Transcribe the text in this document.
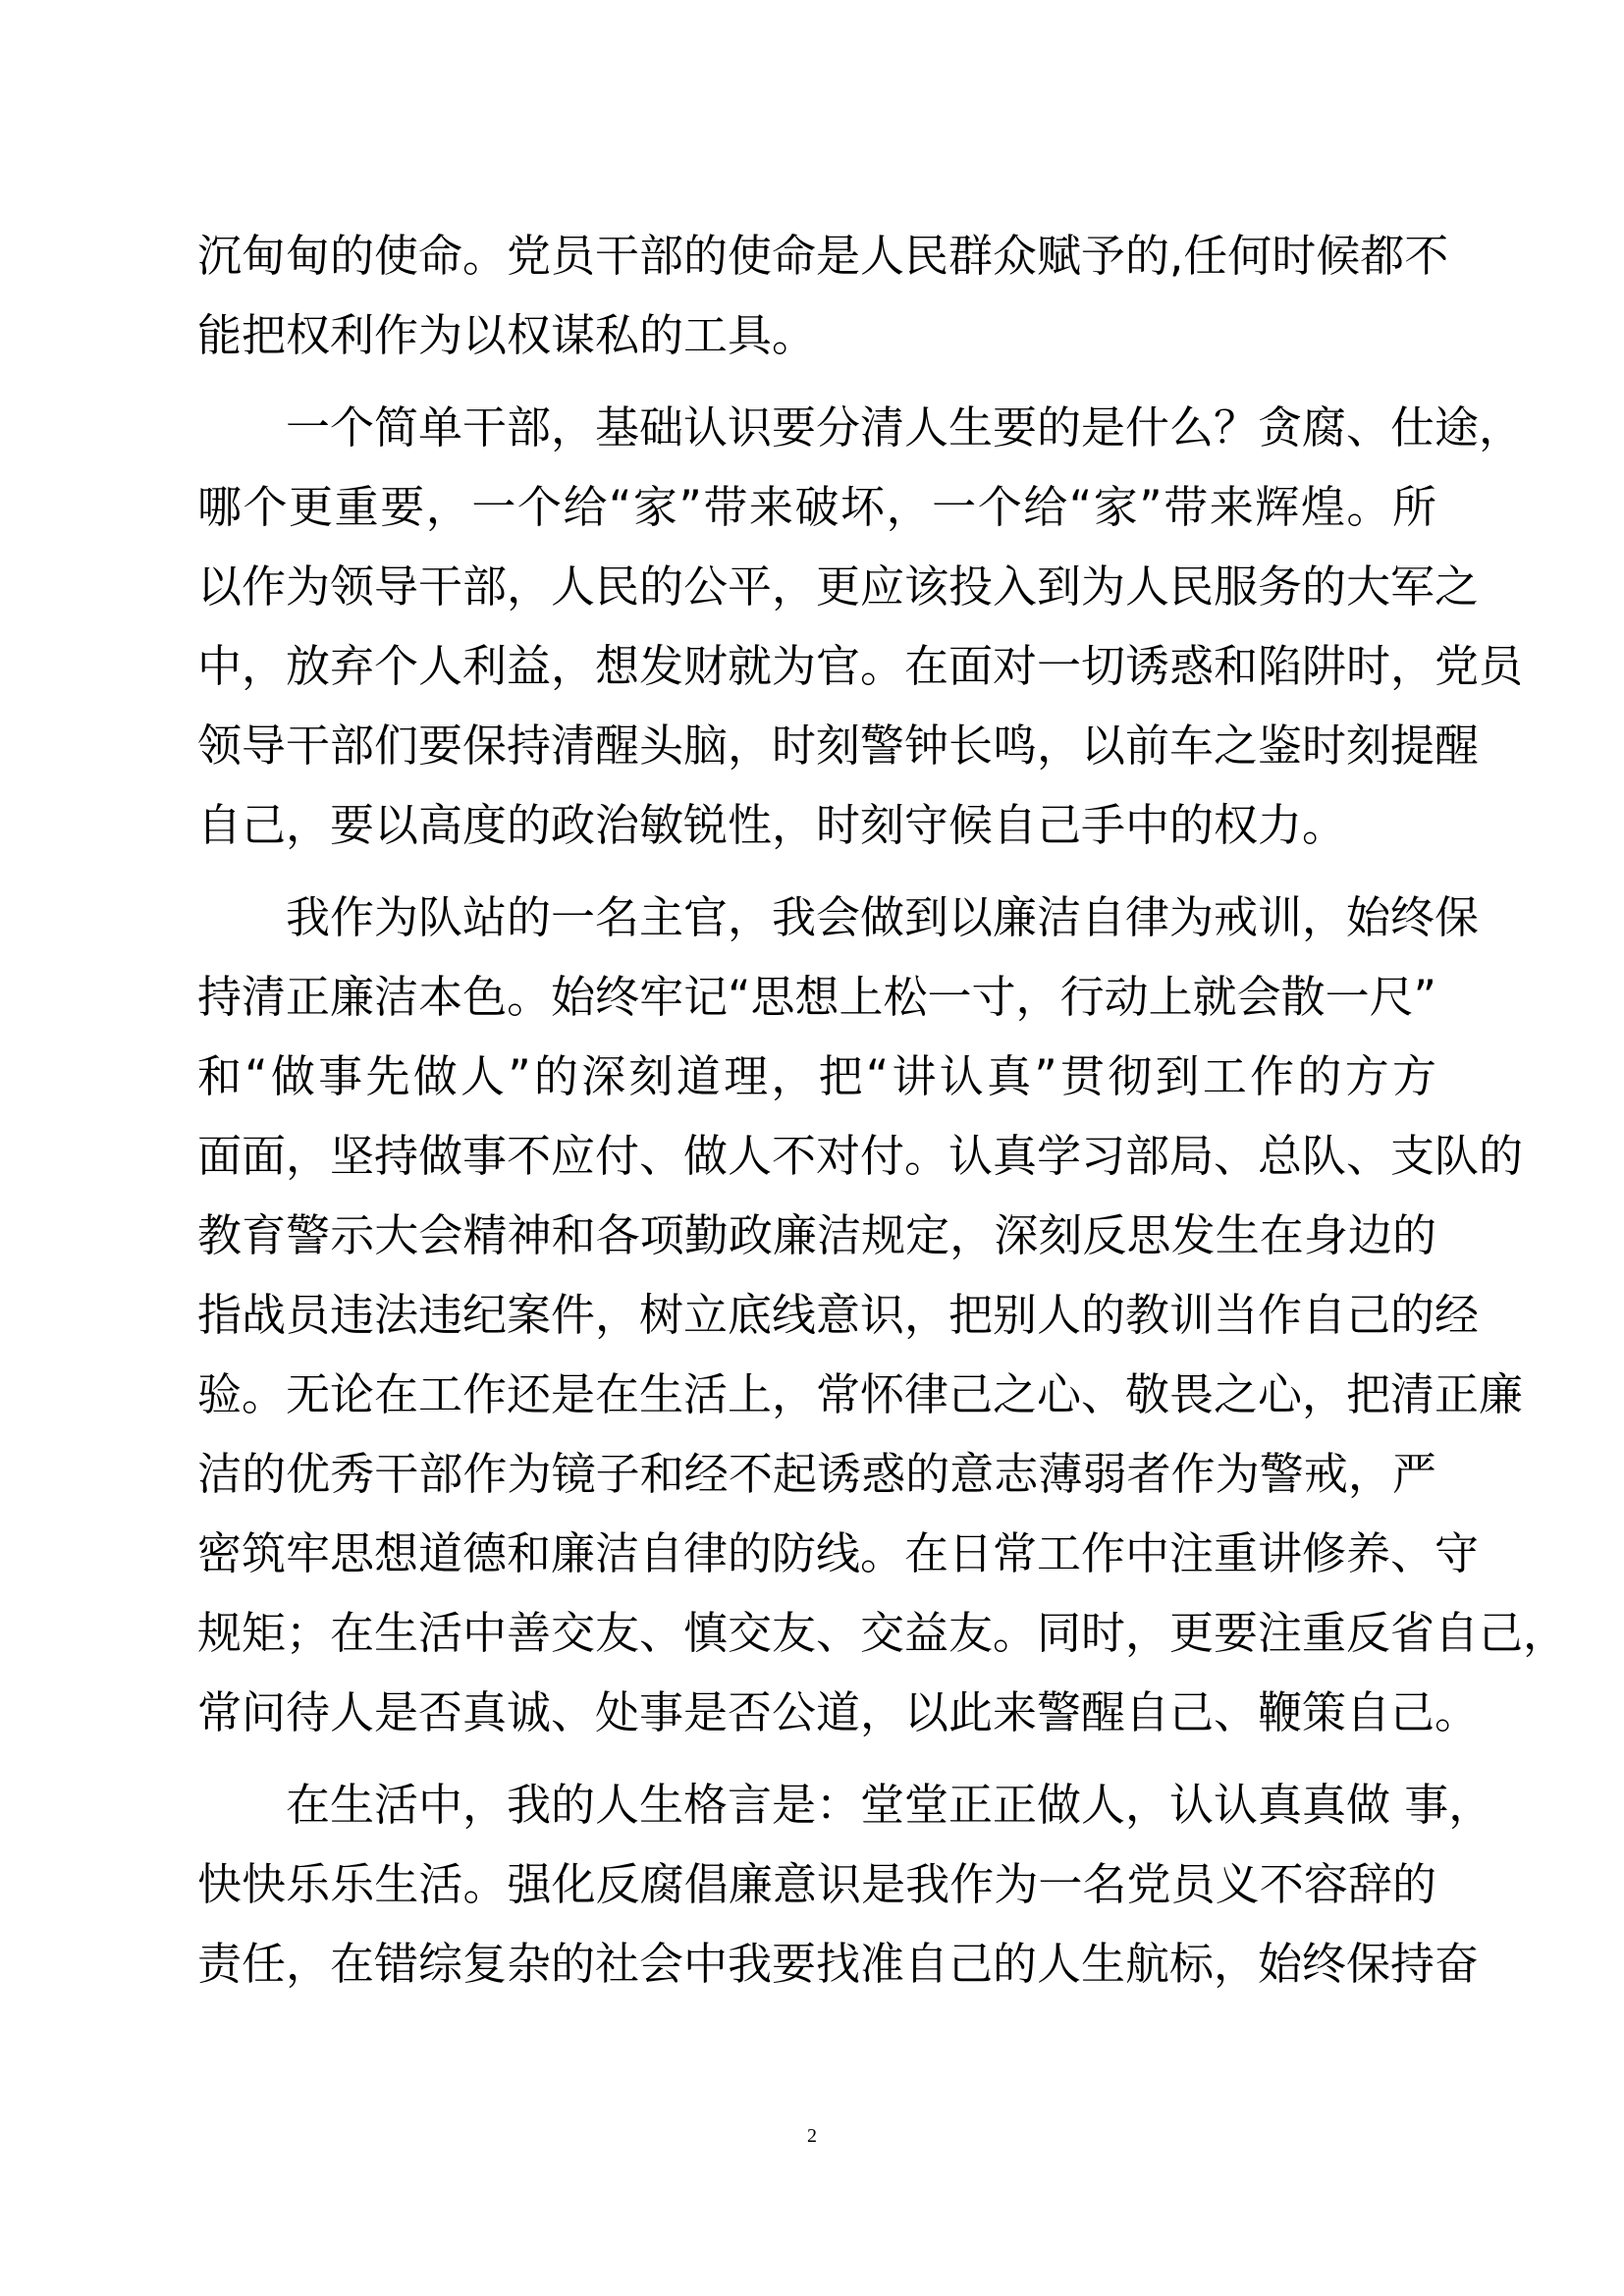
沉甸甸的使命。党员干部的使命是人民群众赋予的,任何时候都不
能把权利作为以权谋私的工具。
一个简单干部，基础认识要分清人生要的是什么？贪腐、仕途，
哪个更重要，一个给“家”带来破坏，一个给“家”带来辉煌。所
以作为领导干部，人民的公平，更应该投入到为人民服务的大军之
中，放弃个人利益，想发财就为官。在面对一切诱惑和陷阱时，党员
领导干部们要保持清醒头脑，时刻警钟长鸣，以前车之鉴时刻提醒
自己，要以高度的政治敏锐性，时刻守候自己手中的权力。
我作为队站的一名主官，我会做到以廉洁自律为戒训，始终保
持清正廉洁本色。始终牢记“思想上松一寸，行动上就会散一尺”
和“做事先做人”的深刻道理，把“讲认真”贯彻到工作的方方
面面，坚持做事不应付、做人不对付。认真学习部局、总队、支队的
教育警示大会精神和各项勤政廉洁规定，深刻反思发生在身边的
指战员违法违纪案件，树立底线意识，把别人的教训当作自己的经
验。无论在工作还是在生活上，常怀律己之心、敬畏之心，把清正廉
洁的优秀干部作为镜子和经不起诱惑的意志薄弱者作为警戒，严
密筑牢思想道德和廉洁自律的防线。在日常工作中注重讲修养、守
规矩；在生活中善交友、慎交友、交益友。同时，更要注重反省自己，
常问待人是否真诚、处事是否公道，以此来警醒自己、鞭策自己。
在生活中，我的人生格言是：堂堂正正做人，认认真真做 事，
快快乐乐生活。强化反腐倡廉意识是我作为一名党员义不容辞的
责任，在错综复杂的社会中我要找准自己的人生航标，始终保持奋
2
